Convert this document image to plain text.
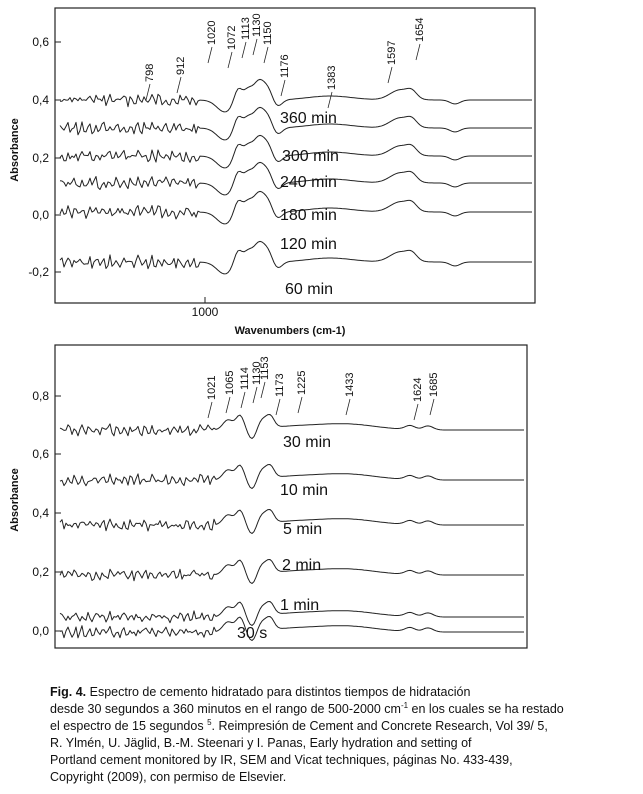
Absorbance
0,6
0,4
0,2
0,0
-0,2
1000
Wavenumbers (cm-1)
798 912
1020 1072 1113 1130 1150
1176	1383
1597
1654
360 min
300 min
240 min
180 min
120 min
60 min
Absorbance
0,8
0,6
0,4
0,2
0,0
1021 1065 1114 1130
1153
1173 1225	1433	1624 1685
30 min
10 min
5 min
2 min
1 min
30 s

Fig. 4. Espectro de cemento hidratado para distintos tiempos de hidratación

desde 30 segundos a 360 minutos en el rango de 500-2000 $cm^{-1}$ en los cuales se ha restado

el espectro de 15 segundos $^5$. Reimpresión de Cement and Concrete Research, Vol 39/ 5,

R. Ylmén, U. Jäglid, B.-M. Steenari y I. Panas, Early hydration and setting of

Portland cement monitored by IR, SEM and Vicat techniques, páginas No. 433-439,

Copyright (2009), con permiso de Elsevier.
